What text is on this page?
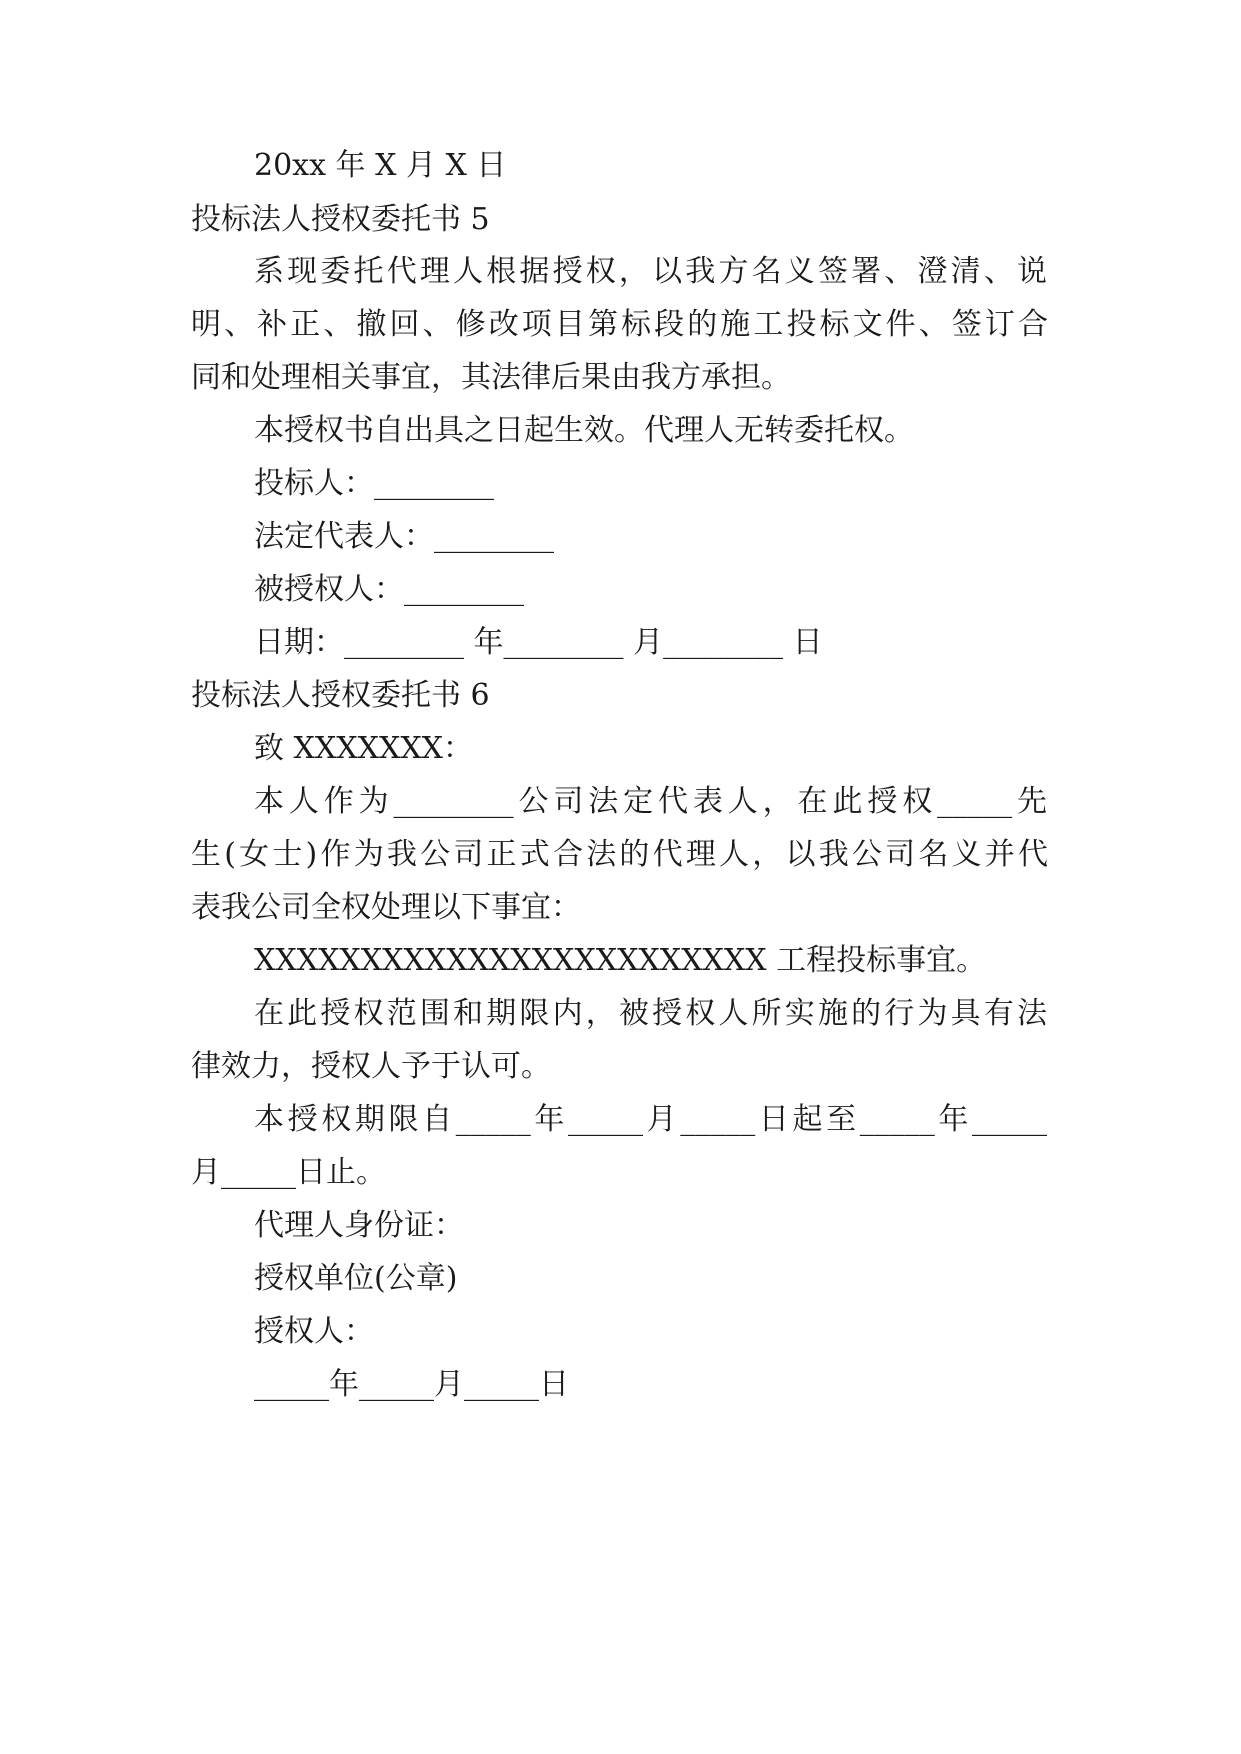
20xx 年 X 月 X 日
投标法人授权委托书 5
系现委托代理人根据授权，以我方名义签署、澄清、说
明、补正、撤回、修改项目第标段的施工投标文件、签订合
同和处理相关事宜，其法律后果由我方承担。
本授权书自出具之日起生效。代理人无转委托权。
投标人：________
法定代表人：________
被授权人：________
日期：________ 年________ 月________ 日
投标法人授权委托书 6
致 XXXXXXX：
本人作为________公司法定代表人，在此授权_____先
生(女士)作为我公司正式合法的代理人，以我公司名义并代
表我公司全权处理以下事宜：
XXXXXXXXXXXXXXXXXXXXXXXX 工程投标事宜。
在此授权范围和期限内，被授权人所实施的行为具有法
律效力，授权人予于认可。
本授权期限自_____年_____月_____日起至_____年_____
月_____日止。
代理人身份证：
授权单位(公章)
授权人：
_____年_____月_____日
